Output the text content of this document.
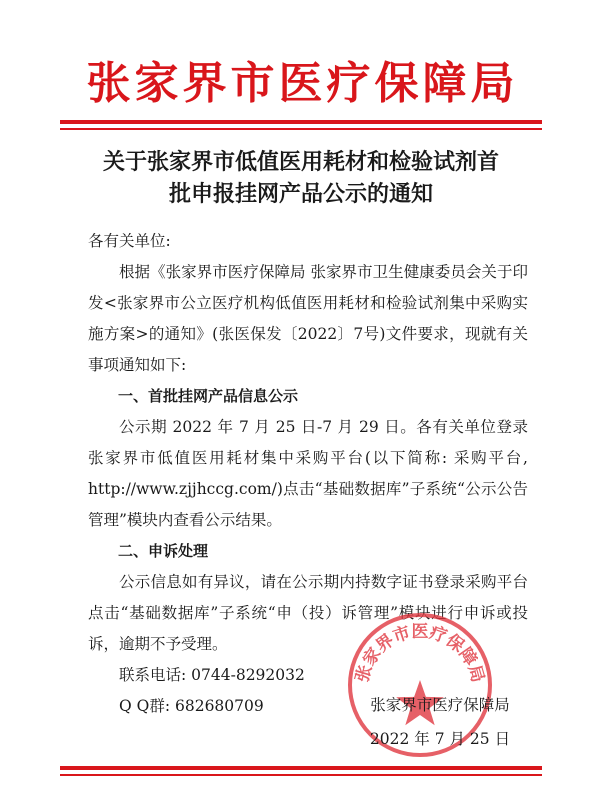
张家界市医疗保障局
关于张家界市低值医用耗材和检验试剂首
批申报挂网产品公示的通知

各有关单位:

根据《张家界市医疗保障局 张家界市卫生健康委员会关于印发<张家界市公立医疗机构低值医用耗材和检验试剂集中采购实施方案>的通知》(张医保发〔2022〕7号)文件要求，现就有关事项通知如下:

一、首批挂网产品信息公示

公示期 2022 年 7 月 25 日-7 月 29 日。各有关单位登录张家界市低值医用耗材集中采购平台(以下简称: 采购平台, http://www.zjjhccg.com/)点击“基础数据库”子系统“公示公告管理”模块内查看公示结果。

二、申诉处理

公示信息如有异议，请在公示期内持数字证书登录采购平台点击“基础数据库”子系统“申（投）诉管理”模块进行申诉或投诉，逾期不予受理。

联系电话: 0744-8292032

Q Q群: 682680709

张家界市医疗保障局
张家界市医疗保障局
2022 年 7 月 25 日
